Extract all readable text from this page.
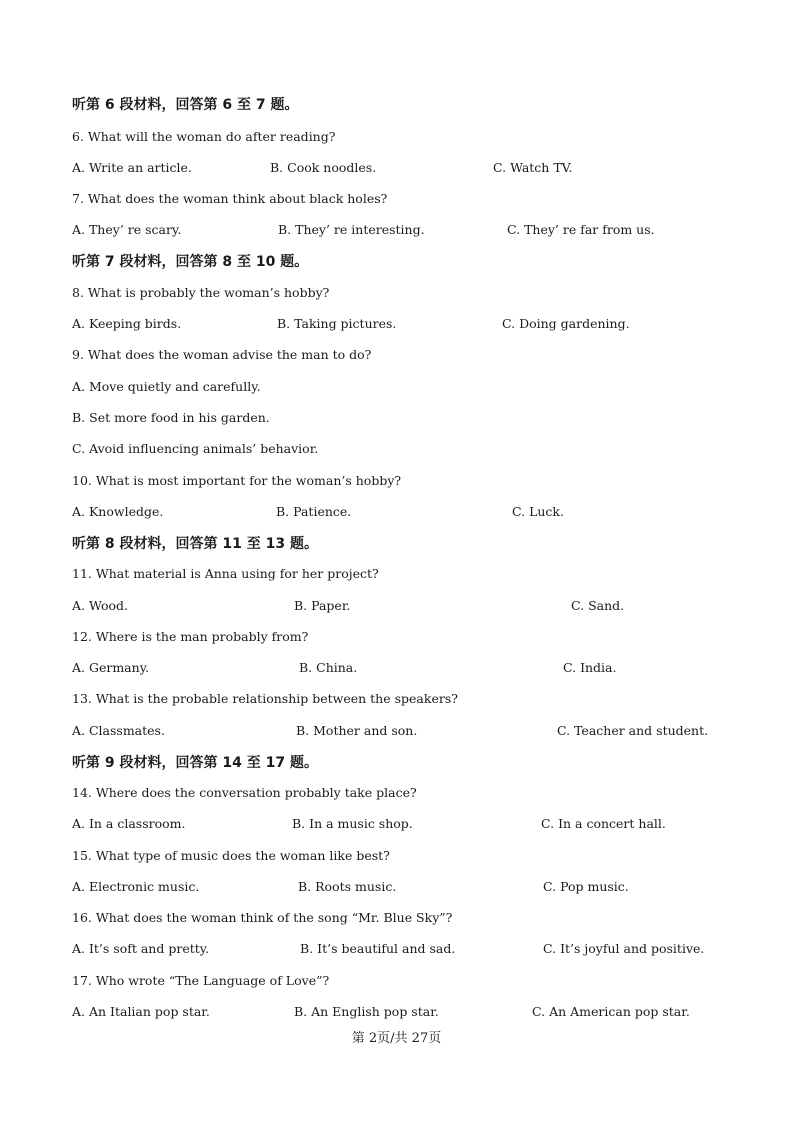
听第 6 段材料，回答第 6 至 7 题。
6. What will the woman do after reading?
A. Write an article.	B. Cook noodles.	C. Watch TV.
7. What does the woman think about black holes?
A. They’ re scary.	B. They’ re interesting.	C. They’ re far from us.
听第 7 段材料，回答第 8 至 10 题。
8. What is probably the woman’s hobby?
A. Keeping birds.	B. Taking pictures.	C. Doing gardening.
9. What does the woman advise the man to do?
A. Move quietly and carefully.
B. Set more food in his garden.
C. Avoid influencing animals’ behavior.
10. What is most important for the woman’s hobby?
A. Knowledge.	B. Patience.	C. Luck.
听第 8 段材料，回答第 11 至 13 题。
11. What material is Anna using for her project?
A. Wood.	B. Paper.	C. Sand.
12. Where is the man probably from?
A. Germany.	B. China.	C. India.
13. What is the probable relationship between the speakers?
A. Classmates.	B. Mother and son.	C. Teacher and student.
听第 9 段材料，回答第 14 至 17 题。
14. Where does the conversation probably take place?
A. In a classroom.	B. In a music shop.	C. In a concert hall.
15. What type of music does the woman like best?
A. Electronic music.	B. Roots music.	C. Pop music.
16. What does the woman think of the song “Mr. Blue Sky”?
A. It’s soft and pretty.	B. It’s beautiful and sad.	C. It’s joyful and positive.
17. Who wrote “The Language of Love”?
A. An Italian pop star.	B. An English pop star.	C. An American pop star.
第 2页/共 27页
